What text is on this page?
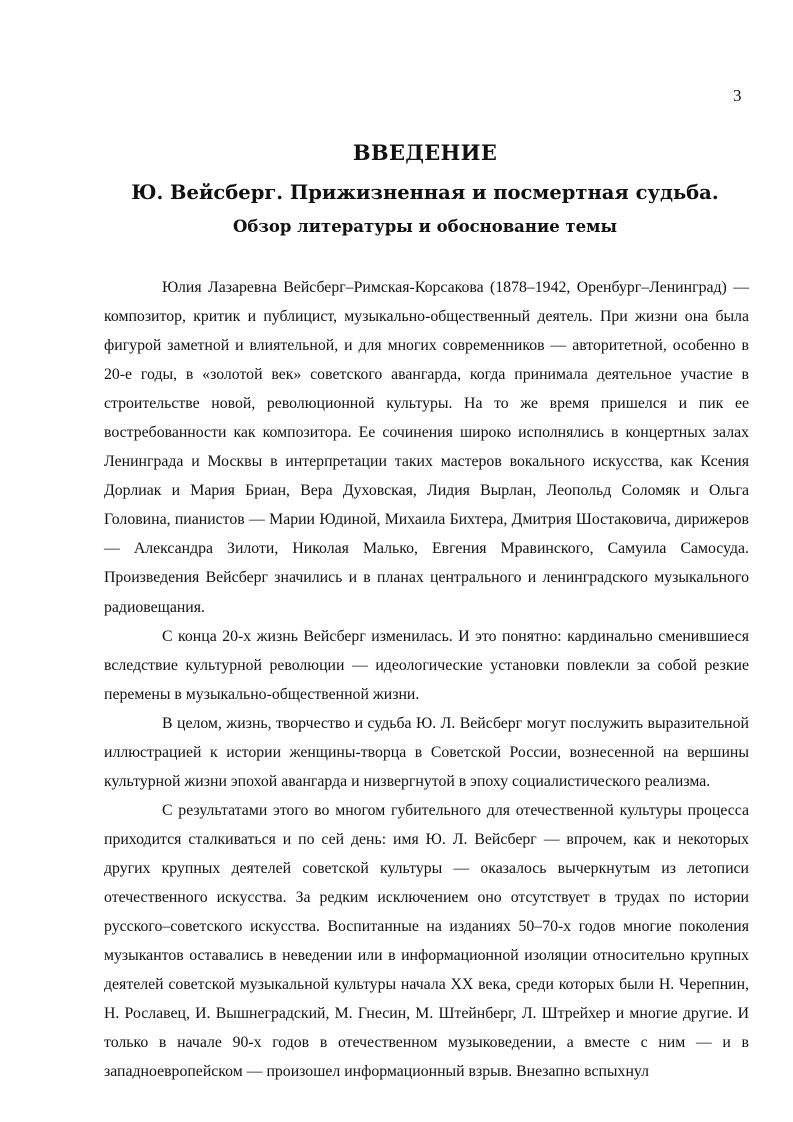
3
ВВЕДЕНИЕ
Ю. Вейсберг. Прижизненная и посмертная судьба.
Обзор литературы и обоснование темы

Юлия Лазаревна Вейсберг–Римская-Корсакова (1878–1942, Оренбург–Ленинград) — композитор, критик и публицист, музыкально-общественный деятель. При жизни она была фигурой заметной и влиятельной, и для многих современников — авторитетной, особенно в 20-е годы, в «золотой век» советского авангарда, когда принимала деятельное участие в строительстве новой, революционной культуры. На то же время пришелся и пик ее востребованности как композитора. Ее сочинения широко исполнялись в концертных залах Ленинграда и Москвы в интерпретации таких мастеров вокального искусства, как Ксения Дорлиак и Мария Бриан, Вера Духовская, Лидия Вырлан, Леопольд Соломяк и Ольга Головина, пианистов — Марии Юдиной, Михаила Бихтера, Дмитрия Шостаковича, дирижеров — Александра Зилоти, Николая Малько, Евгения Мравинского, Самуила Самосуда. Произведения Вейсберг значились и в планах центрального и ленинградского музыкального радиовещания.

С конца 20-х жизнь Вейсберг изменилась. И это понятно: кардинально сменившиеся вследствие культурной революции — идеологические установки повлекли за собой резкие перемены в музыкально-общественной жизни.

В целом, жизнь, творчество и судьба Ю. Л. Вейсберг могут послужить выразительной иллюстрацией к истории женщины-творца в Советской России, вознесенной на вершины культурной жизни эпохой авангарда и низвергнутой в эпоху социалистического реализма.

С результатами этого во многом губительного для отечественной культуры процесса приходится сталкиваться и по сей день: имя Ю. Л. Вейсберг — впрочем, как и некоторых других крупных деятелей советской культуры — оказалось вычеркнутым из летописи отечественного искусства. За редким исключением оно отсутствует в трудах по истории русского–советского искусства. Воспитанные на изданиях 50–70-х годов многие поколения музыкантов оставались в неведении или в информационной изоляции относительно крупных деятелей советской музыкальной культуры начала XX века, среди которых были Н. Черепнин, Н. Рославец, И. Вышнеградский, М. Гнесин, М. Штейнберг, Л. Штрейхер и многие другие. И только в начале 90-х годов в отечественном музыковедении, а вместе с ним — и в западноевропейском — произошел информационный взрыв. Внезапно вспыхнул
